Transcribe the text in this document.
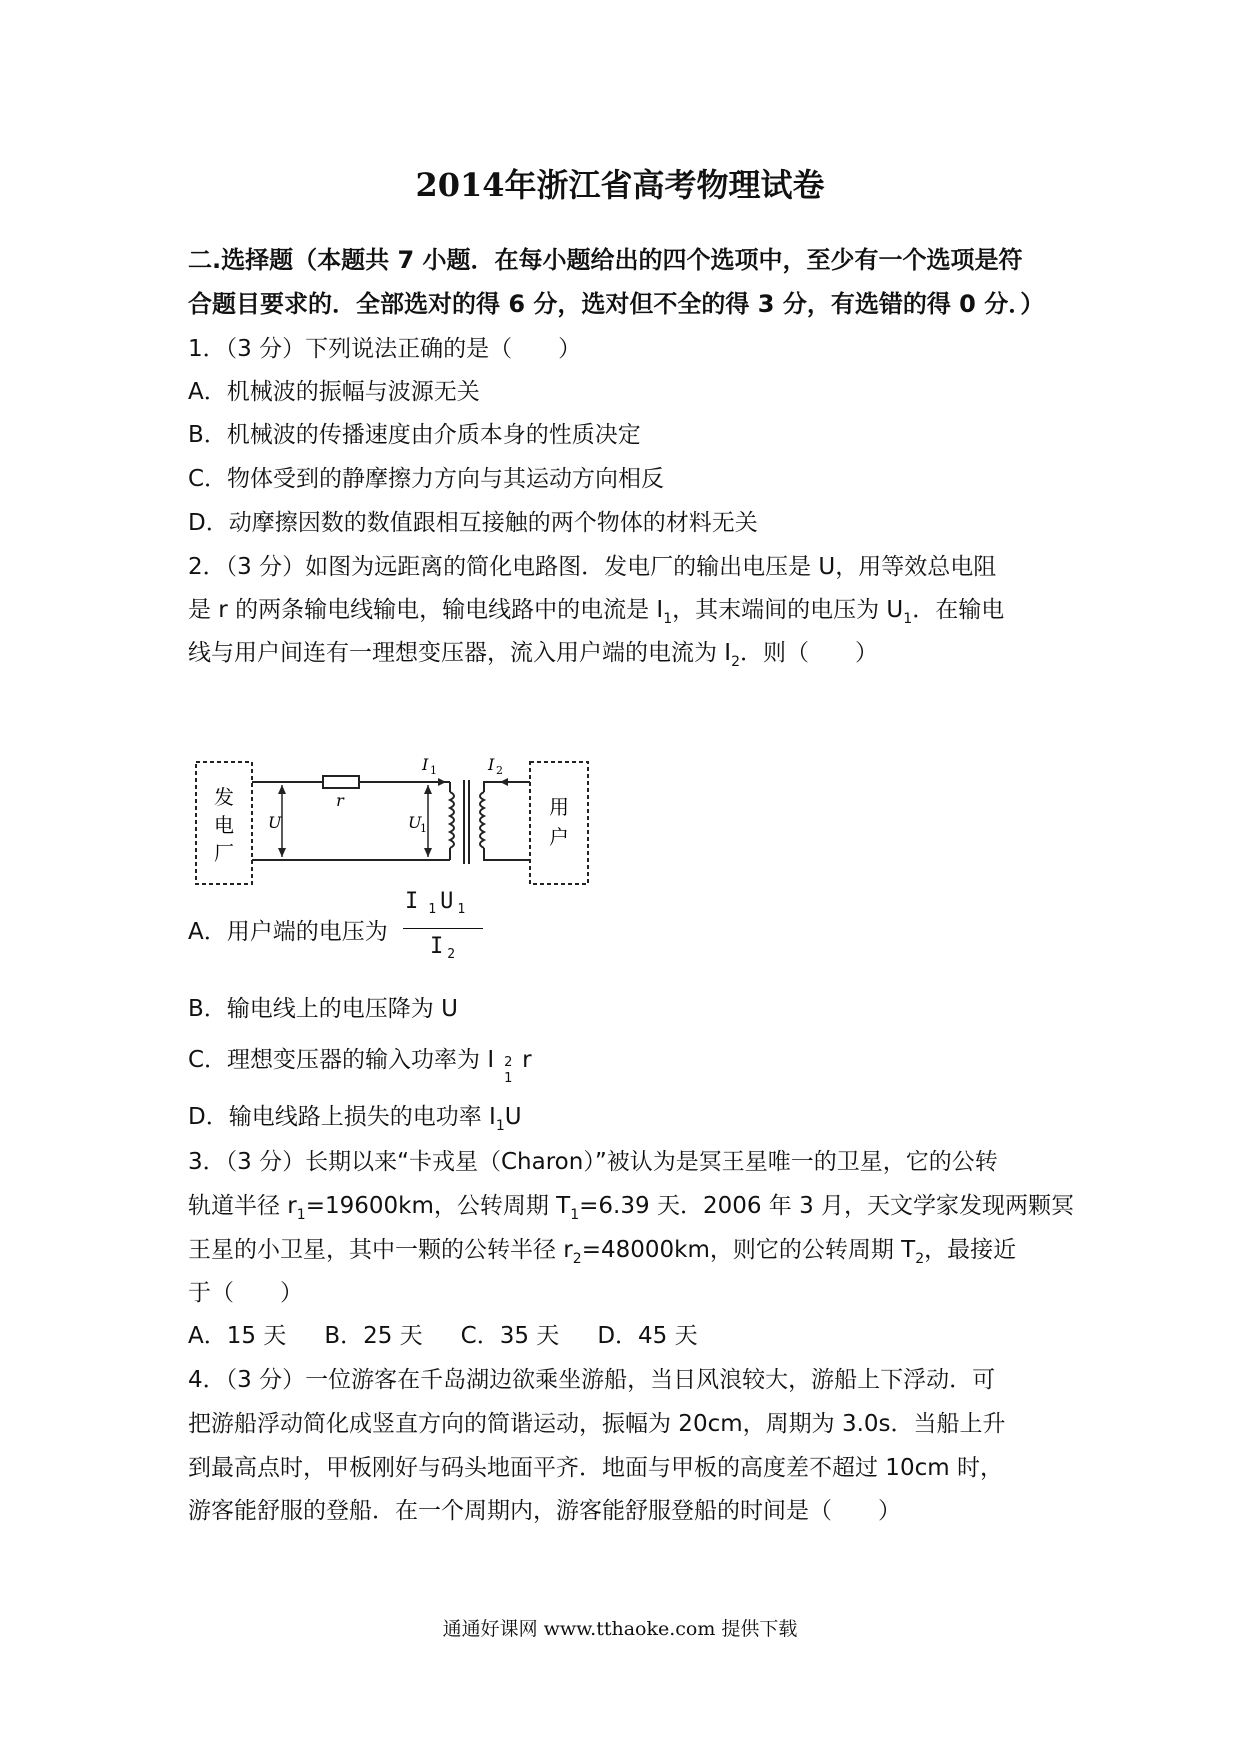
2014年浙江省高考物理试卷
二.选择题（本题共 7 小题．在每小题给出的四个选项中，至少有一个选项是符
合题目要求的．全部选对的得 6 分，选对但不全的得 3 分，有选错的得 0 分．）
1．（3 分）下列说法正确的是（　　）
A．机械波的振幅与波源无关
B．机械波的传播速度由介质本身的性质决定
C．物体受到的静摩擦力方向与其运动方向相反
D．动摩擦因数的数值跟相互接触的两个物体的材料无关
2．（3 分）如图为远距离的简化电路图．发电厂的输出电压是 U，用等效总电阻
是 r 的两条输电线输电，输电线路中的电流是 $I_1$，其末端间的电压为 $U_1$．在输电
线与用户间连有一理想变压器，流入用户端的电流为 $I_2$．则（　　）
发
电
厂
r
U	U
1
I 1	I 2
用
户
A．用户端的电压为
I $_1$ U $_1$
I $_2$
B．输电线上的电压降为 U
C．理想变压器的输入功率为 I 2
1
r
D．输电线路上损失的电功率 $I_1U$
3．（3 分）长期以来“卡戎星（Charon）”被认为是冥王星唯一的卫星，它的公转
轨道半径 $r_1=19600km$，公转周期 $T_1=6.39$ 天．2006 年 3 月，天文学家发现两颗冥
王星的小卫星，其中一颗的公转半径 $r_2=48000km$，则它的公转周期 $T_2$，最接近
于（　　）
A．15 天 B．25 天 C．35 天 D．45 天
4．（3 分）一位游客在千岛湖边欲乘坐游船，当日风浪较大，游船上下浮动．可
把游船浮动简化成竖直方向的简谐运动，振幅为 20cm，周期为 3.0s．当船上升
到最高点时，甲板刚好与码头地面平齐．地面与甲板的高度差不超过 10cm 时，
游客能舒服的登船．在一个周期内，游客能舒服登船的时间是（　　）
通通好课网 www.tthaoke.com 提供下载
